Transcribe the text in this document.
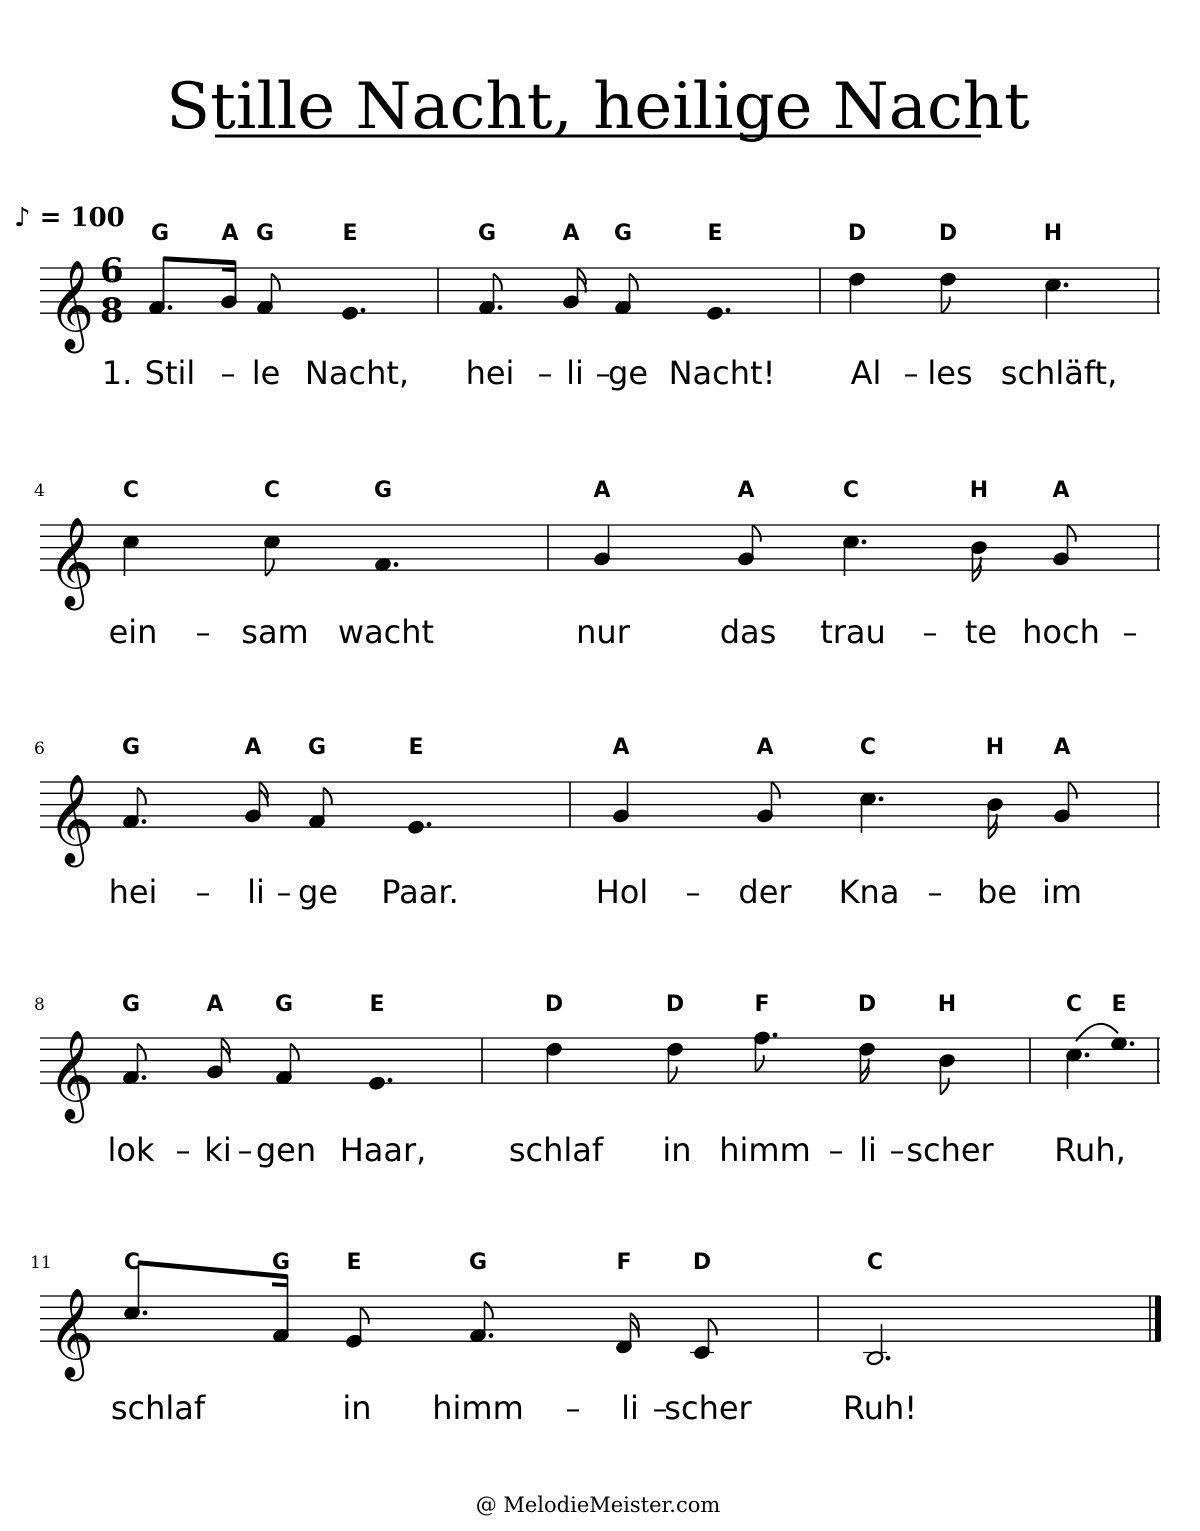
Stille Nacht, heilige Nacht
♪ = 100
6
8
@ MelodieMeister.com
4
6
8
11
G A G	E	G	A G	E	D	D	H
1. Stil – le Nacht, hei – li –
ge Nacht! Al – les schläft,
C	C	G	A	A	C	H	A
ein – sam wacht	nur	das trau – te hoch –
G	A G	E	A	A	C	H A
hei – li – ge Paar.	Hol – der Kna – be im
G	A G	E	D	D	F	D	H	C E
lok – ki – gen Haar,	schlaf in himm – li – scher Ruh,
C	G	E	G	F	D	C
schlaf	in himm – li –
scher	Ruh!
𝄞
𝄞
𝄞
𝄞
𝄞
